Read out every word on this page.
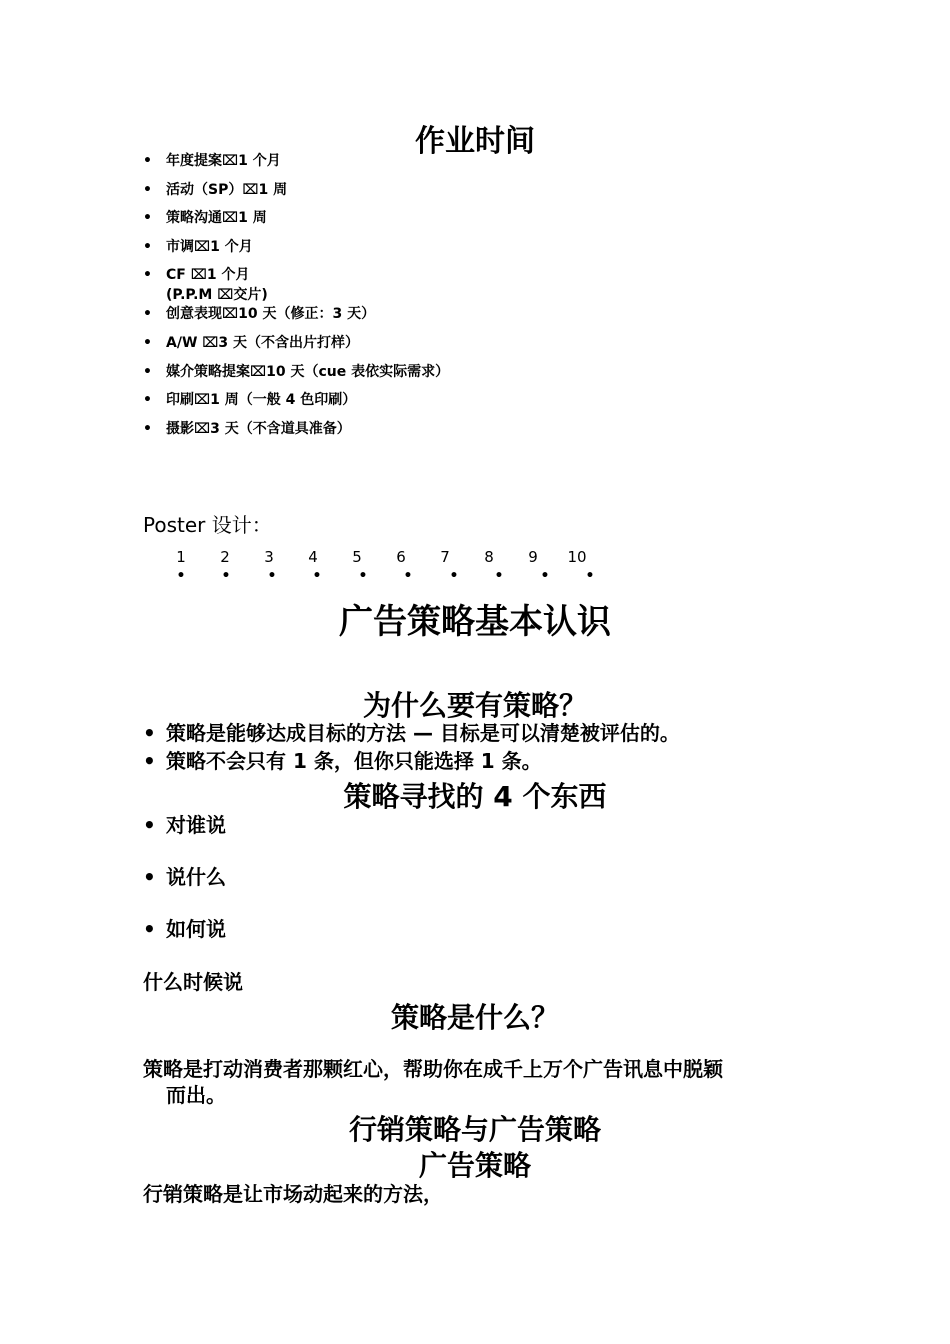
作业时间
• 年度提案⌧1 个月
• 活动（SP）⌧1 周
• 策略沟通⌧1 周
• 市调⌧1 个月
• CF ⌧1 个月
(P.P.M ⌧交片)
• 创意表现⌧10 天（修正：3 天）
• A/W ⌧3 天（不含出片打样）
• 媒介策略提案⌧10 天（cue 表依实际需求）
• 印刷⌧1 周（一般 4 色印刷）
• 摄影⌧3 天（不含道具准备）
Poster 设计：
1	2	3	4	5	6	7	8	9	10
•	•	•	•	•	•	•	•	•	•
广告策略基本认识
为什么要有策略？
• 策略是能够达成目标的方法 — 目标是可以清楚被评估的。
• 策略不会只有 1 条，但你只能选择 1 条。
策略寻找的 4 个东西
• 对谁说
• 说什么
• 如何说
什么时候说
策略是什么？
策略是打动消费者那颗红心，帮助你在成千上万个广告讯息中脱颖
而出。
行销策略与广告策略
广告策略
行销策略是让市场动起来的方法，
